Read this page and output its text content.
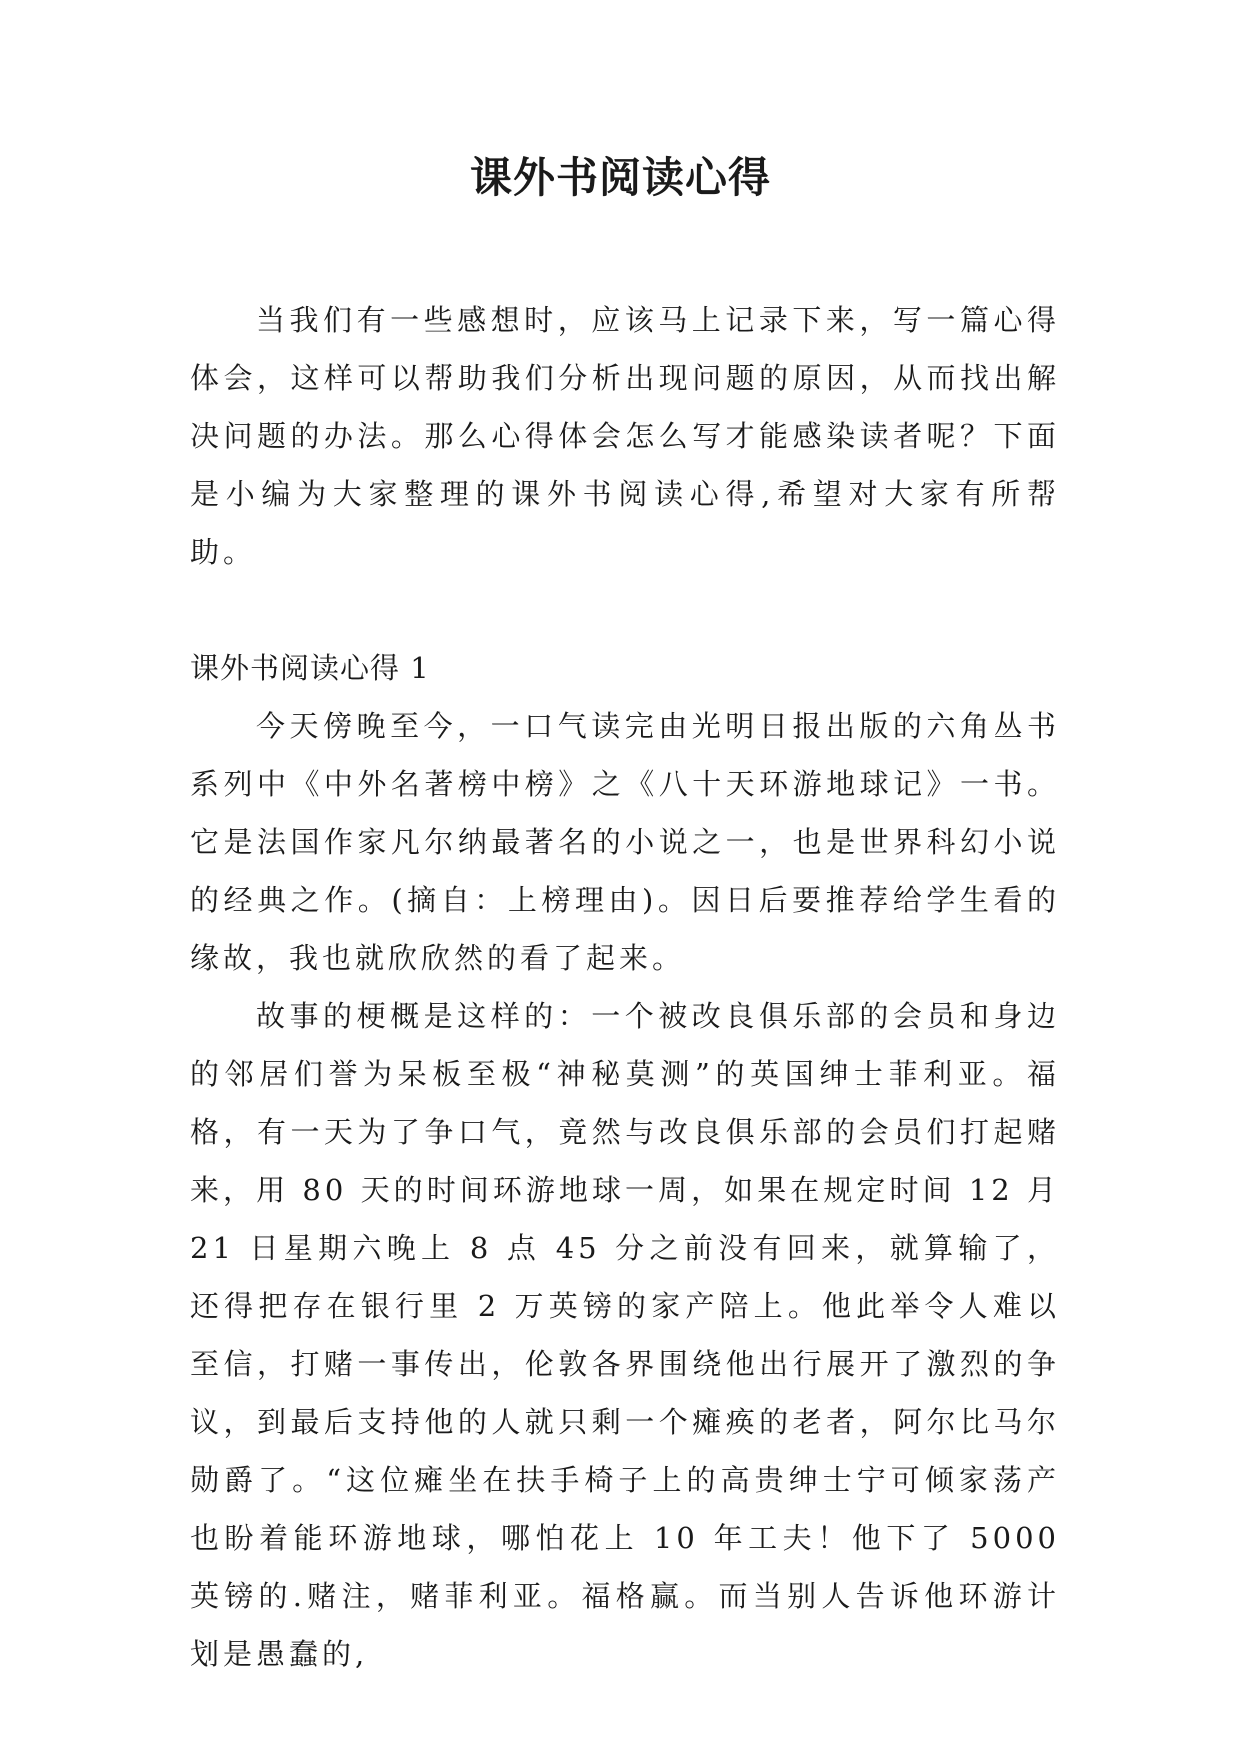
课外书阅读心得

当我们有一些感想时，应该马上记录下来，写一篇心得体会，这样可以帮助我们分析出现问题的原因，从而找出解决问题的办法。那么心得体会怎么写才能感染读者呢？下面是小编为大家整理的课外书阅读心得,希望对大家有所帮助。

课外书阅读心得 1

今天傍晚至今，一口气读完由光明日报出版的六角丛书系列中《中外名著榜中榜》之《八十天环游地球记》一书。它是法国作家凡尔纳最著名的小说之一，也是世界科幻小说的经典之作。(摘自：上榜理由)。因日后要推荐给学生看的缘故，我也就欣欣然的看了起来。

故事的梗概是这样的：一个被改良俱乐部的会员和身边的邻居们誉为呆板至极“神秘莫测”的英国绅士菲利亚。福格，有一天为了争口气，竟然与改良俱乐部的会员们打起赌来，用 80 天的时间环游地球一周，如果在规定时间 12 月 21 日星期六晚上 8 点 45 分之前没有回来，就算输了，还得把存在银行里 2 万英镑的家产陪上。他此举令人难以至信，打赌一事传出，伦敦各界围绕他出行展开了激烈的争议，到最后支持他的人就只剩一个瘫痪的老者，阿尔比马尔勋爵了。“这位瘫坐在扶手椅子上的高贵绅士宁可倾家荡产也盼着能环游地球，哪怕花上 10 年工夫！他下了 5000 英镑的.赌注，赌菲利亚。福格赢。而当别人告诉他环游计划是愚蠢的,
